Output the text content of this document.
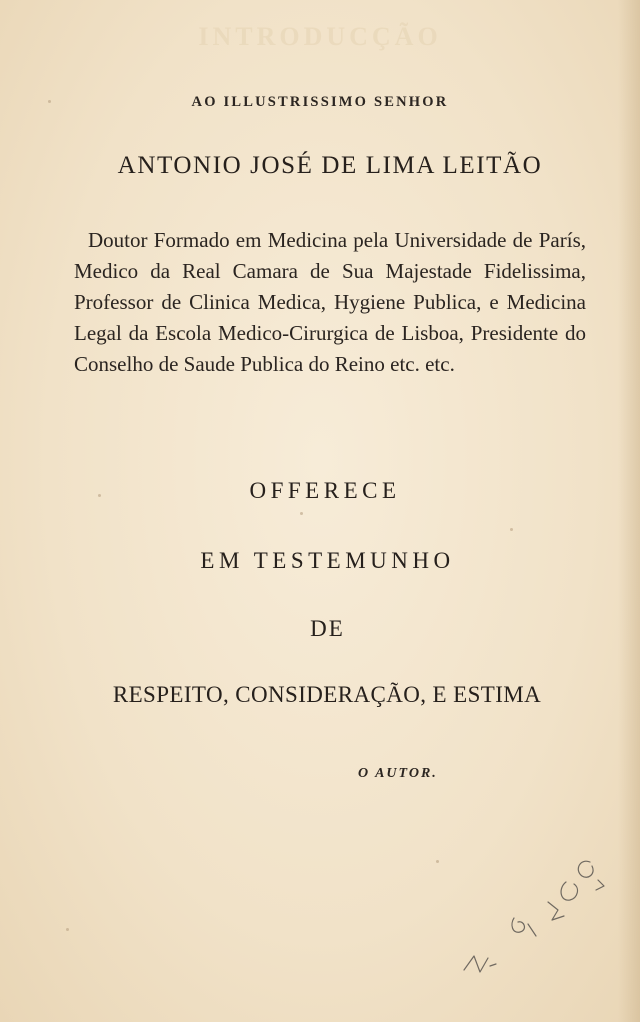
INTRODUCÇÃO
AO ILLUSTRISSIMO SENHOR
ANTONIO JOSÉ DE LIMA LEITÃO
Doutor Formado em Medicina pela Universidade de París, Medico da Real Camara de Sua Majestade Fidelissima, Professor de Clinica Medica, Hygiene Publica, e Medicina Legal da Escola Medico-Cirurgica de Lisboa, Presidente do Conselho de Saude Publica do Reino etc. etc.
OFFERECE
EM TESTEMUNHO
DE
RESPEITO, CONSIDERAÇÃO, E ESTIMA
O AUTOR.
